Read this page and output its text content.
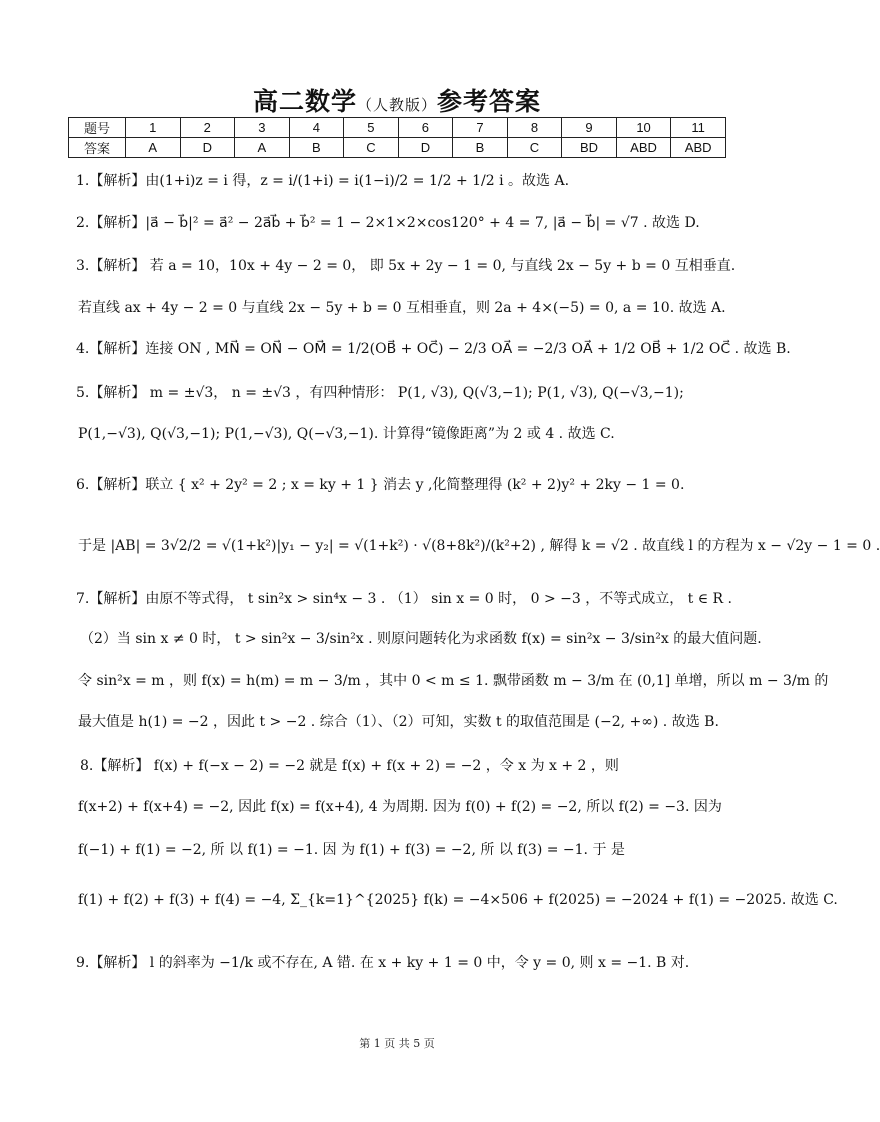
高二数学（人教版）参考答案
题号	1	2	3	4	5	6	7	8	9	10	11
答案	A	D	A	B	C	D	B	C	BD	ABD	ABD
1.【解析】由(1+i)z = i 得，z = i/(1+i) = i(1−i)/2 = 1/2 + 1/2 i 。故选 A.
2.【解析】|a⃗ − b⃗|² = a⃗² − 2a⃗b⃗ + b⃗² = 1 − 2×1×2×cos120° + 4 = 7, |a⃗ − b⃗| = √7 . 故选 D.
3.【解析】 若 a = 10，10x + 4y − 2 = 0， 即 5x + 2y − 1 = 0, 与直线 2x − 5y + b = 0 互相垂直.
若直线 ax + 4y − 2 = 0 与直线 2x − 5y + b = 0 互相垂直，则 2a + 4×(−5) = 0, a = 10. 故选 A.
4.【解析】连接 ON , MN⃗ = ON⃗ − OM⃗ = 1/2(OB⃗ + OC⃗) − 2/3 OA⃗ = −2/3 OA⃗ + 1/2 OB⃗ + 1/2 OC⃗ . 故选 B.
5.【解析】 m = ±√3， n = ±√3 ，有四种情形： P(1, √3), Q(√3,−1); P(1, √3), Q(−√3,−1);
P(1,−√3), Q(√3,−1); P(1,−√3), Q(−√3,−1). 计算得“镜像距离”为 2 或 4 . 故选 C.
6.【解析】联立 { x² + 2y² = 2 ; x = ky + 1 } 消去 y ,化简整理得 (k² + 2)y² + 2ky − 1 = 0.
于是 |AB| = 3√2/2 = √(1+k²)|y₁ − y₂| = √(1+k²) · √(8+8k²)/(k²+2) , 解得 k = √2 . 故直线 l 的方程为 x − √2y − 1 = 0 .
7.【解析】由原不等式得， t sin²x > sin⁴x − 3 . （1） sin x = 0 时， 0 > −3 ，不等式成立， t ∈ R .
（2）当 sin x ≠ 0 时， t > sin²x − 3/sin²x . 则原问题转化为求函数 f(x) = sin²x − 3/sin²x 的最大值问题.
令 sin²x = m ，则 f(x) = h(m) = m − 3/m ，其中 0 < m ≤ 1. 飘带函数 m − 3/m 在 (0,1] 单增，所以 m − 3/m 的
最大值是 h(1) = −2 ，因此 t > −2 . 综合（1）、（2）可知，实数 t 的取值范围是 (−2, +∞) . 故选 B.
8.【解析】 f(x) + f(−x − 2) = −2 就是 f(x) + f(x + 2) = −2 ，令 x 为 x + 2 ，则
f(x+2) + f(x+4) = −2, 因此 f(x) = f(x+4), 4 为周期. 因为 f(0) + f(2) = −2, 所以 f(2) = −3. 因为
f(−1) + f(1) = −2, 所 以 f(1) = −1. 因 为 f(1) + f(3) = −2, 所 以 f(3) = −1. 于 是
f(1) + f(2) + f(3) + f(4) = −4, Σ_{k=1}^{2025} f(k) = −4×506 + f(2025) = −2024 + f(1) = −2025. 故选 C.
9.【解析】 l 的斜率为 −1/k 或不存在, A 错. 在 x + ky + 1 = 0 中，令 y = 0, 则 x = −1. B 对.
第 1 页 共 5 页
